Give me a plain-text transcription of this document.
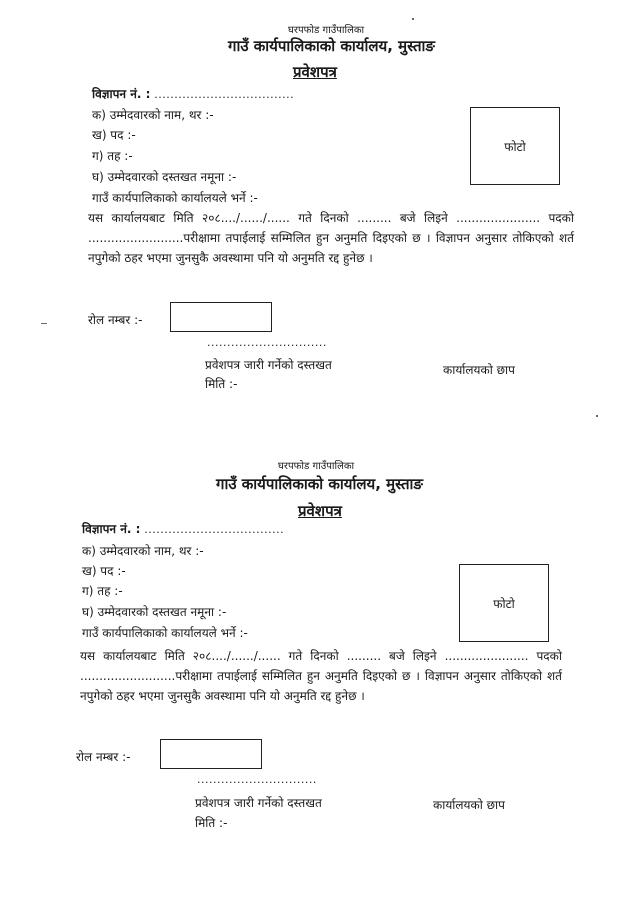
घरपफोड गाउँपालिका
गाउँ कार्यपालिकाको कार्यालय, मुस्ताङ
प्रवेशपत्र
विज्ञापन नं. : ...................................
क) उम्मेदवारको नाम, थर :-
ख) पद :-
ग) तह :-
घ) उम्मेदवारको दस्तखत नमूना :-
गाउँ कार्यपालिकाको कार्यालयले भर्ने :-
फोटो
यस कार्यालयबाट मिति २०८..../....../...... गते दिनको ......... बजे लिइने ...................... पदको .........................परीक्षामा तपाईलाई सम्मिलित हुन अनुमति दिइएको छ । विज्ञापन अनुसार तोकिएको शर्त नपुगेको ठहर भएमा जुनसुकै अवस्थामा पनि यो अनुमति रद्द हुनेछ ।
रोल नम्बर :-
..............................
प्रवेशपत्र जारी गर्नेको दस्तखत
मिति :-
कार्यालयको छाप
घरपफोड गाउँपालिका
गाउँ कार्यपालिकाको कार्यालय, मुस्ताङ
प्रवेशपत्र
विज्ञापन नं. : ...................................
क) उम्मेदवारको नाम, थर :-
ख) पद :-
ग) तह :-
घ) उम्मेदवारको दस्तखत नमूना :-
गाउँ कार्यपालिकाको कार्यालयले भर्ने :-
फोटो
यस कार्यालयबाट मिति २०८..../....../...... गते दिनको ......... बजे लिइने ...................... पदको .........................परीक्षामा तपाईलाई सम्मिलित हुन अनुमति दिइएको छ । विज्ञापन अनुसार तोकिएको शर्त नपुगेको ठहर भएमा जुनसुकै अवस्थामा पनि यो अनुमति रद्द हुनेछ ।
रोल नम्बर :-
..............................
प्रवेशपत्र जारी गर्नेको दस्तखत
मिति :-
कार्यालयको छाप
